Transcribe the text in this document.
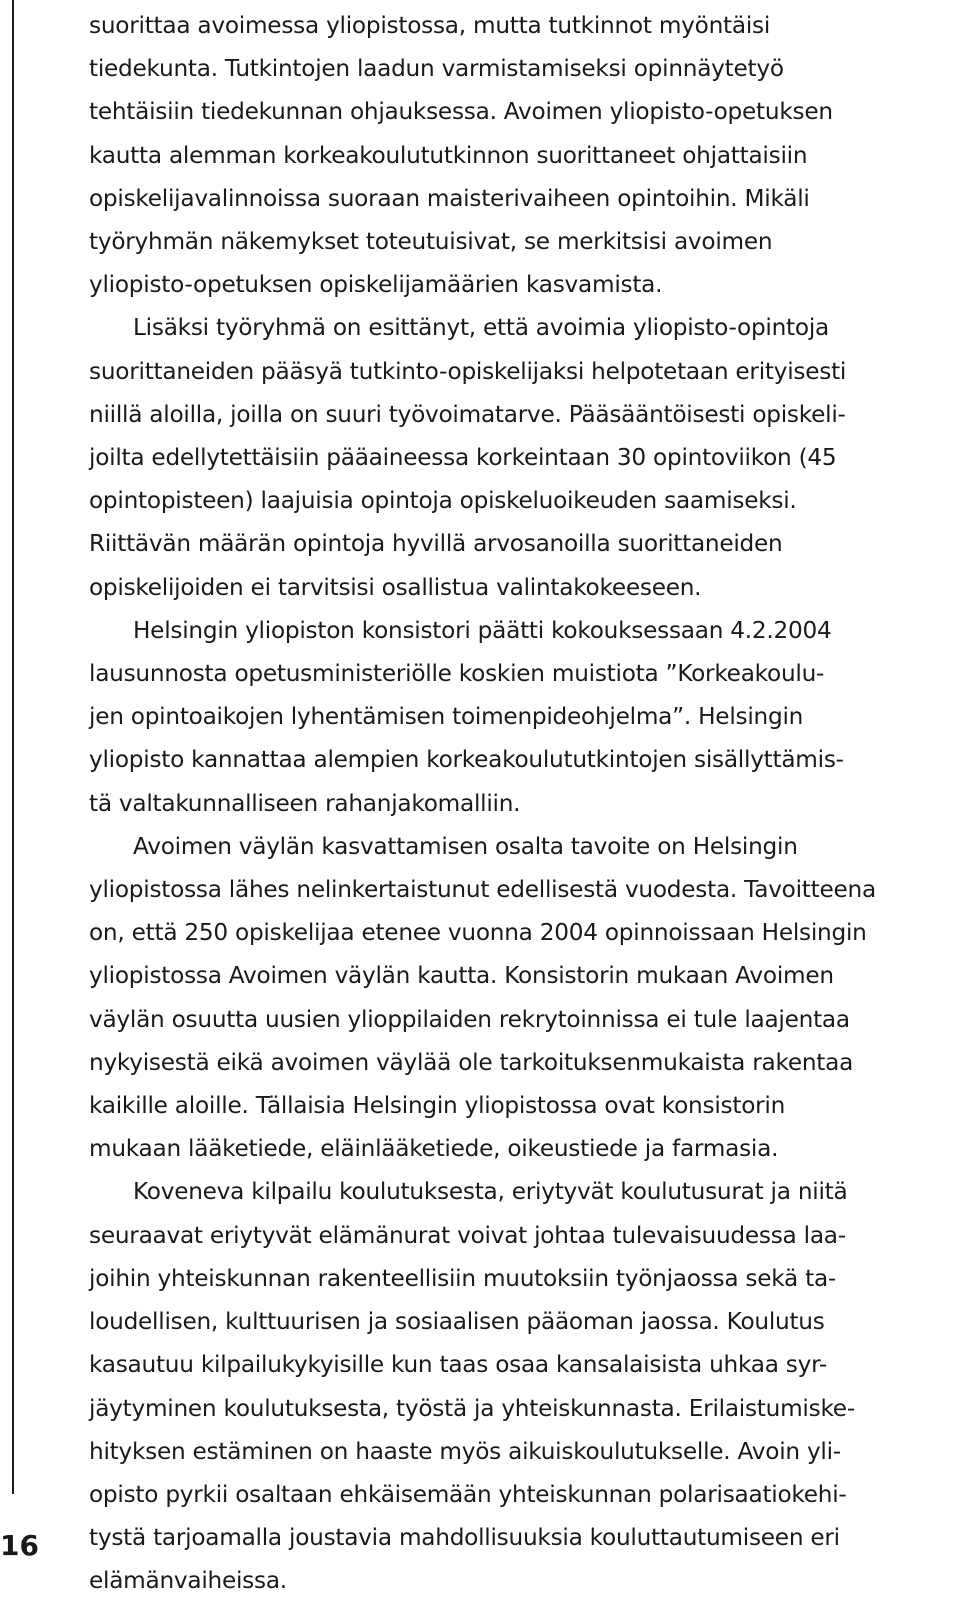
16
suorittaa avoimessa yliopistossa, mutta tutkinnot myöntäisi
tiedekunta. Tutkintojen laadun varmistamiseksi opinnäytetyö
tehtäisiin tiedekunnan ohjauksessa. Avoimen yliopisto-opetuksen
kautta alemman korkeakoulututkinnon suorittaneet ohjattaisiin
opiskelijavalinnoissa suoraan maisterivaiheen opintoihin. Mikäli
työryhmän näkemykset toteutuisivat, se merkitsisi avoimen
yliopisto-opetuksen opiskelijamäärien kasvamista.
Lisäksi työryhmä on esittänyt, että avoimia yliopisto-opintoja
suorittaneiden pääsyä tutkinto-opiskelijaksi helpotetaan erityisesti
niillä aloilla, joilla on suuri työvoimatarve. Pääsääntöisesti opiskeli-
joilta edellytettäisiin pääaineessa korkeintaan 30 opintoviikon (45
opintopisteen) laajuisia opintoja opiskeluoikeuden saamiseksi.
Riittävän määrän opintoja hyvillä arvosanoilla suorittaneiden
opiskelijoiden ei tarvitsisi osallistua valintakokeeseen.
Helsingin yliopiston konsistori päätti kokouksessaan 4.2.2004
lausunnosta opetusministeriölle koskien muistiota ”Korkeakoulu-
jen opintoaikojen lyhentämisen toimenpideohjelma”. Helsingin
yliopisto kannattaa alempien korkeakoulututkintojen sisällyttämis-
tä valtakunnalliseen rahanjakomalliin.
Avoimen väylän kasvattamisen osalta tavoite on Helsingin
yliopistossa lähes nelinkertaistunut edellisestä vuodesta. Tavoitteena
on, että 250 opiskelijaa etenee vuonna 2004 opinnoissaan Helsingin
yliopistossa Avoimen väylän kautta. Konsistorin mukaan Avoimen
väylän osuutta uusien ylioppilaiden rekrytoinnissa ei tule laajentaa
nykyisestä eikä avoimen väylää ole tarkoituksenmukaista rakentaa
kaikille aloille. Tällaisia Helsingin yliopistossa ovat konsistorin
mukaan lääketiede, eläinlääketiede, oikeustiede ja farmasia.
Koveneva kilpailu koulutuksesta, eriytyvät koulutusurat ja niitä
seuraavat eriytyvät elämänurat voivat johtaa tulevaisuudessa laa-
joihin yhteiskunnan rakenteellisiin muutoksiin työnjaossa sekä ta-
loudellisen, kulttuurisen ja sosiaalisen pääoman jaossa. Koulutus
kasautuu kilpailukykyisille kun taas osaa kansalaisista uhkaa syr-
jäytyminen koulutuksesta, työstä ja yhteiskunnasta. Erilaistumiske-
hityksen estäminen on haaste myös aikuiskoulutukselle. Avoin yli-
opisto pyrkii osaltaan ehkäisemään yhteiskunnan polarisaatiokehi-
tystä tarjoamalla joustavia mahdollisuuksia kouluttautumiseen eri
elämänvaiheissa.
